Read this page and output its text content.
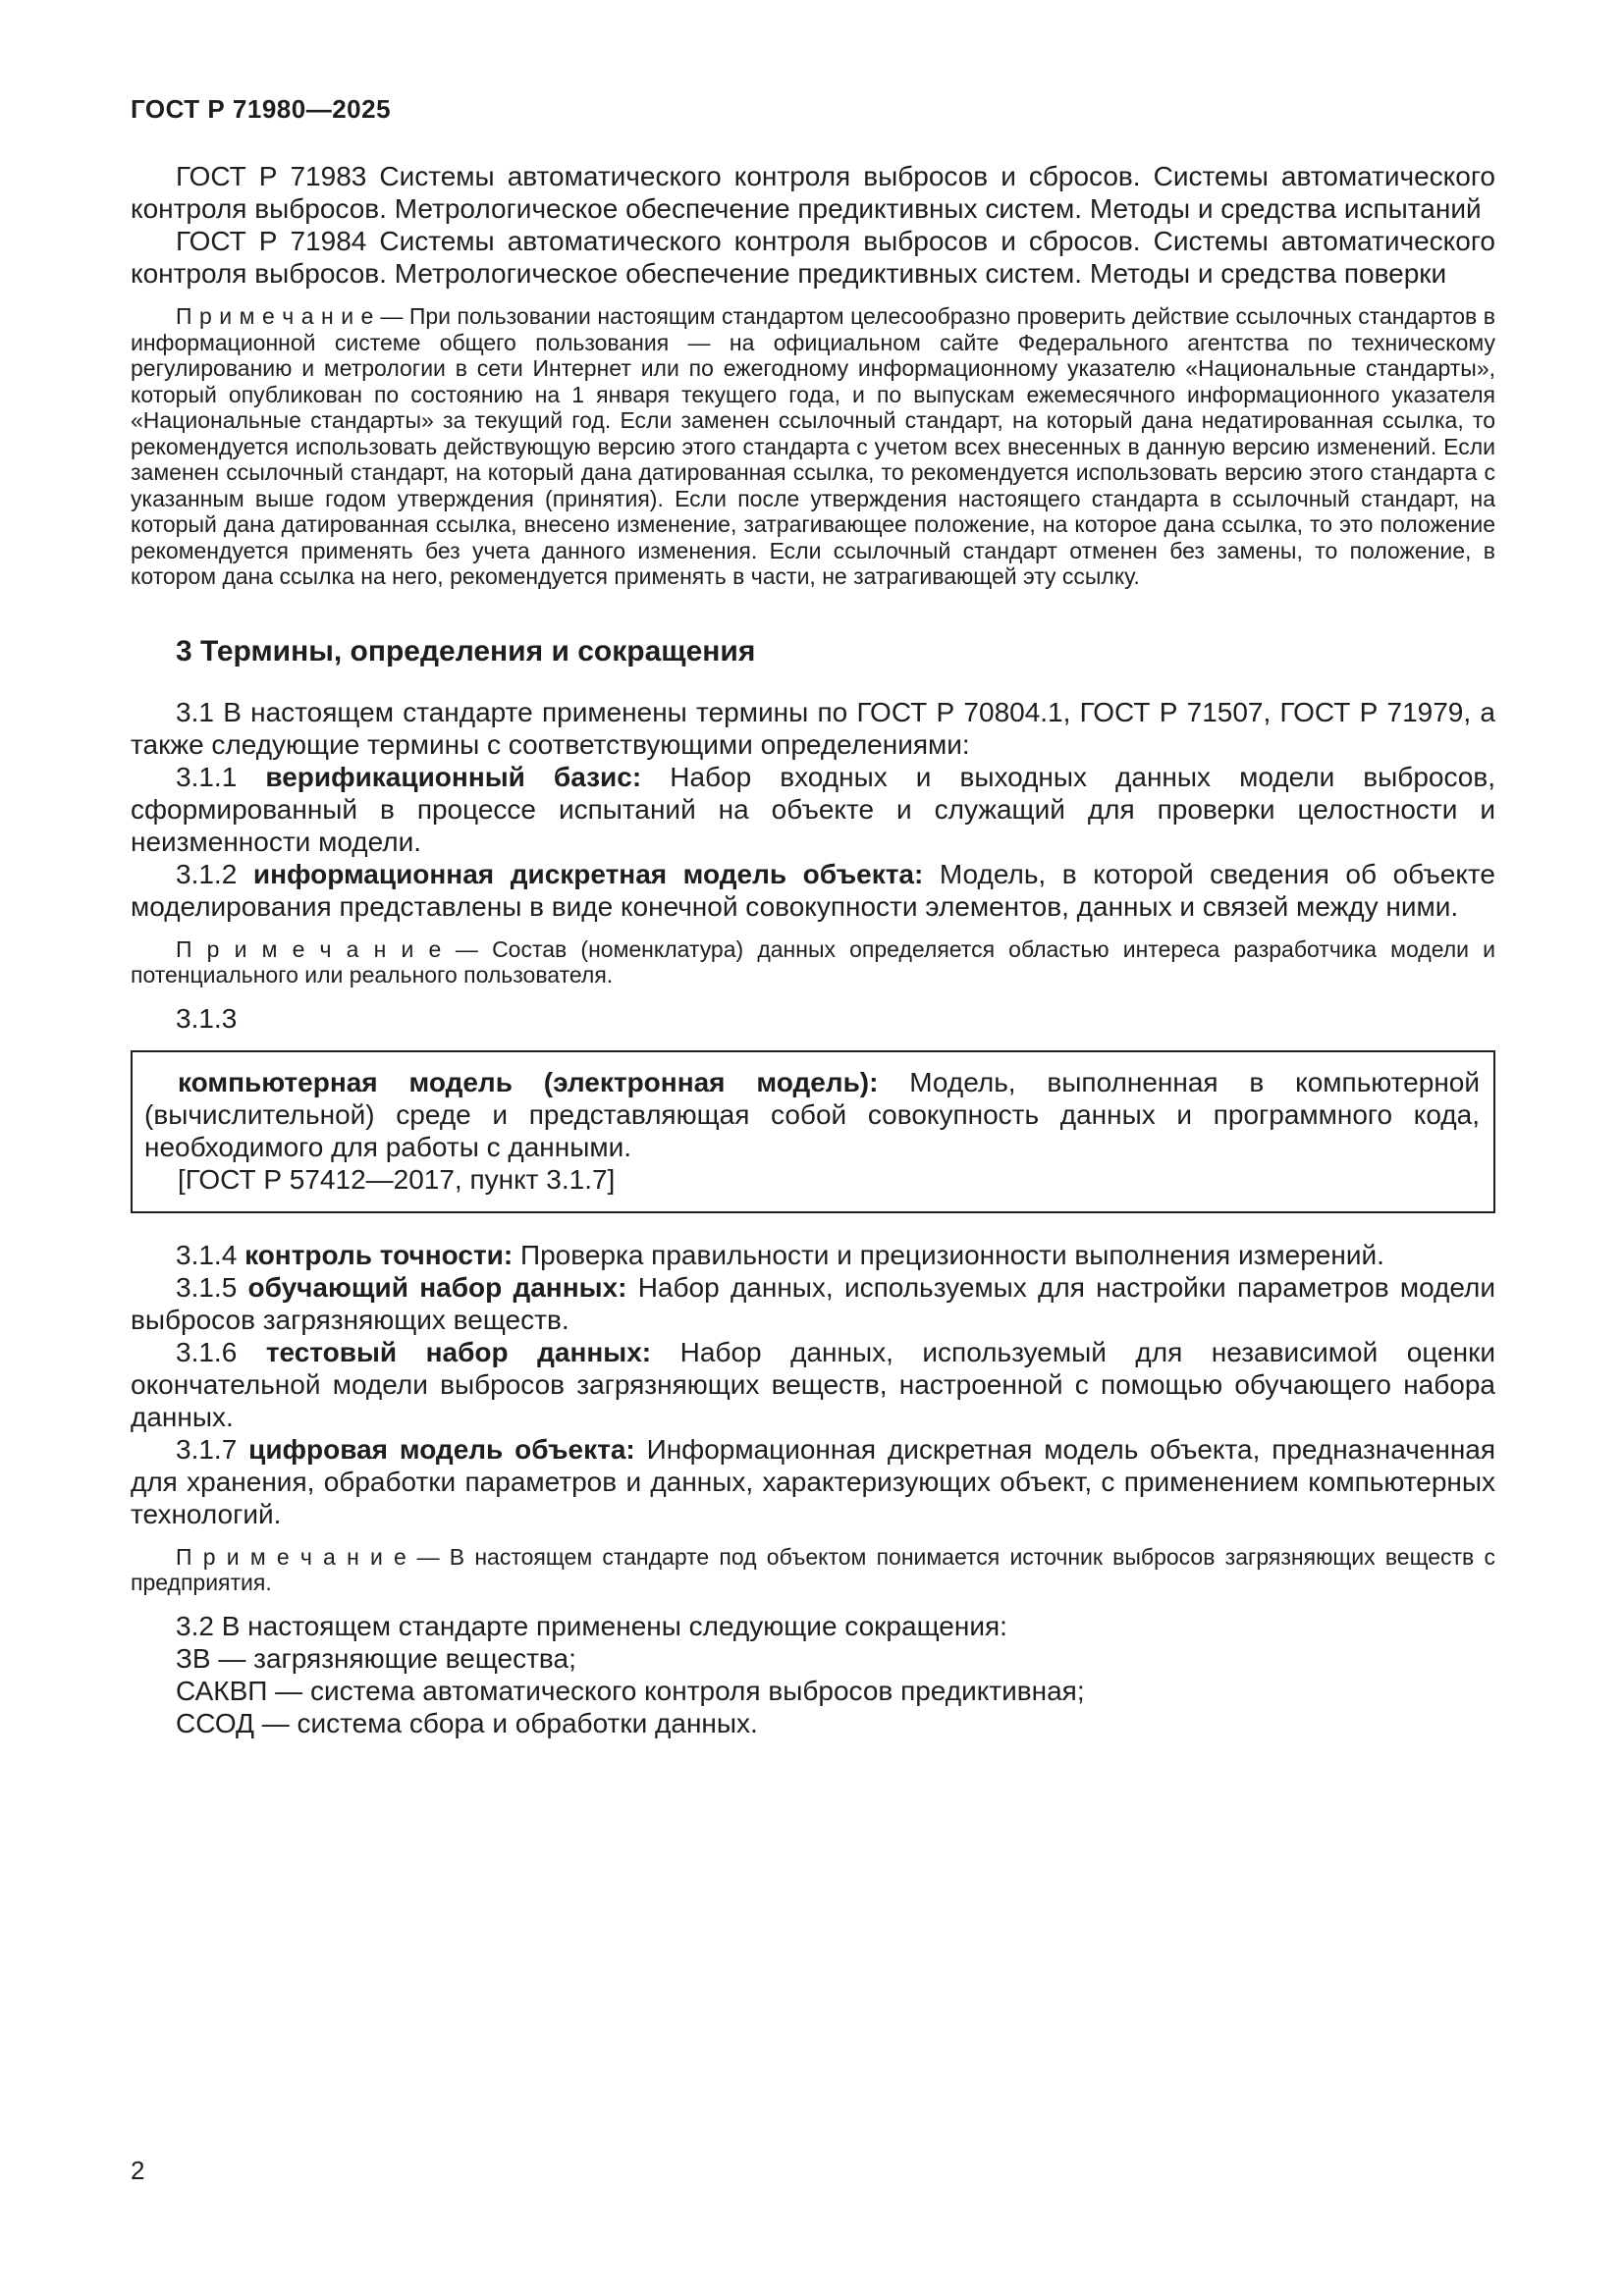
ГОСТ Р 71980—2025

ГОСТ Р 71983 Системы автоматического контроля выбросов и сбросов. Системы автоматического контроля выбросов. Метрологическое обеспечение предиктивных систем. Методы и средства испытаний

ГОСТ Р 71984 Системы автоматического контроля выбросов и сбросов. Системы автоматического контроля выбросов. Метрологическое обеспечение предиктивных систем. Методы и средства поверки

П р и м е ч а н и е — При пользовании настоящим стандартом целесообразно проверить действие ссылочных стандартов в информационной системе общего пользования — на официальном сайте Федерального агентства по техническому регулированию и метрологии в сети Интернет или по ежегодному информационному указателю «Национальные стандарты», который опубликован по состоянию на 1 января текущего года, и по выпускам ежемесячного информационного указателя «Национальные стандарты» за текущий год. Если заменен ссылочный стандарт, на который дана недатированная ссылка, то рекомендуется использовать действующую версию этого стандарта с учетом всех внесенных в данную версию изменений. Если заменен ссылочный стандарт, на который дана датированная ссылка, то рекомендуется использовать версию этого стандарта с указанным выше годом утверждения (принятия). Если после утверждения настоящего стандарта в ссылочный стандарт, на который дана датированная ссылка, внесено изменение, затрагивающее положение, на которое дана ссылка, то это положение рекомендуется применять без учета данного изменения. Если ссылочный стандарт отменен без замены, то положение, в котором дана ссылка на него, рекомендуется применять в части, не затрагивающей эту ссылку.

3 Термины, определения и сокращения

3.1 В настоящем стандарте применены термины по ГОСТ Р 70804.1, ГОСТ Р 71507, ГОСТ Р 71979, а также следующие термины с соответствующими определениями:

3.1.1 верификационный базис: Набор входных и выходных данных модели выбросов, сформированный в процессе испытаний на объекте и служащий для проверки целостности и неизменности модели.

3.1.2 информационная дискретная модель объекта: Модель, в которой сведения об объекте моделирования представлены в виде конечной совокупности элементов, данных и связей между ними.

П р и м е ч а н и е — Состав (номенклатура) данных определяется областью интереса разработчика модели и потенциального или реального пользователя.

3.1.3

компьютерная модель (электронная модель): Модель, выполненная в компьютерной (вычислительной) среде и представляющая собой совокупность данных и программного кода, необходимого для работы с данными.

[ГОСТ Р 57412—2017, пункт 3.1.7]

3.1.4 контроль точности: Проверка правильности и прецизионности выполнения измерений.

3.1.5 обучающий набор данных: Набор данных, используемых для настройки параметров модели выбросов загрязняющих веществ.

3.1.6 тестовый набор данных: Набор данных, используемый для независимой оценки окончательной модели выбросов загрязняющих веществ, настроенной с помощью обучающего набора данных.

3.1.7 цифровая модель объекта: Информационная дискретная модель объекта, предназначенная для хранения, обработки параметров и данных, характеризующих объект, с применением компьютерных технологий.

П р и м е ч а н и е — В настоящем стандарте под объектом понимается источник выбросов загрязняющих веществ с предприятия.

3.2 В настоящем стандарте применены следующие сокращения:

ЗВ — загрязняющие вещества;

САКВП — система автоматического контроля выбросов предиктивная;

ССОД — система сбора и обработки данных.

2
